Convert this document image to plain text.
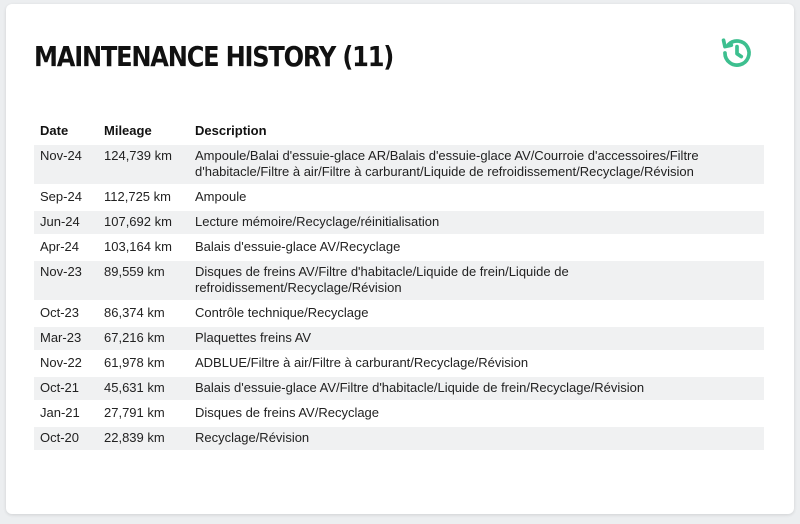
MAINTENANCE HISTORY (11)
Date	Mileage	Description
Nov-24	124,739 km	Ampoule/Balai d'essuie-glace AR/Balais d'essuie-glace AV/Courroie d'accessoires/Filtre d'habitacle/Filtre à air/Filtre à carburant/Liquide de refroidissement/Recyclage/Révision
Sep-24	112,725 km	Ampoule
Jun-24	107,692 km	Lecture mémoire/Recyclage/réinitialisation
Apr-24	103,164 km	Balais d'essuie-glace AV/Recyclage
Nov-23	89,559 km	Disques de freins AV/Filtre d'habitacle/Liquide de frein/Liquide de refroidissement/Recyclage/Révision
Oct-23	86,374 km	Contrôle technique/Recyclage
Mar-23	67,216 km	Plaquettes freins AV
Nov-22	61,978 km	ADBLUE/Filtre à air/Filtre à carburant/Recyclage/Révision
Oct-21	45,631 km	Balais d'essuie-glace AV/Filtre d'habitacle/Liquide de frein/Recyclage/Révision
Jan-21	27,791 km	Disques de freins AV/Recyclage
Oct-20	22,839 km	Recyclage/Révision
